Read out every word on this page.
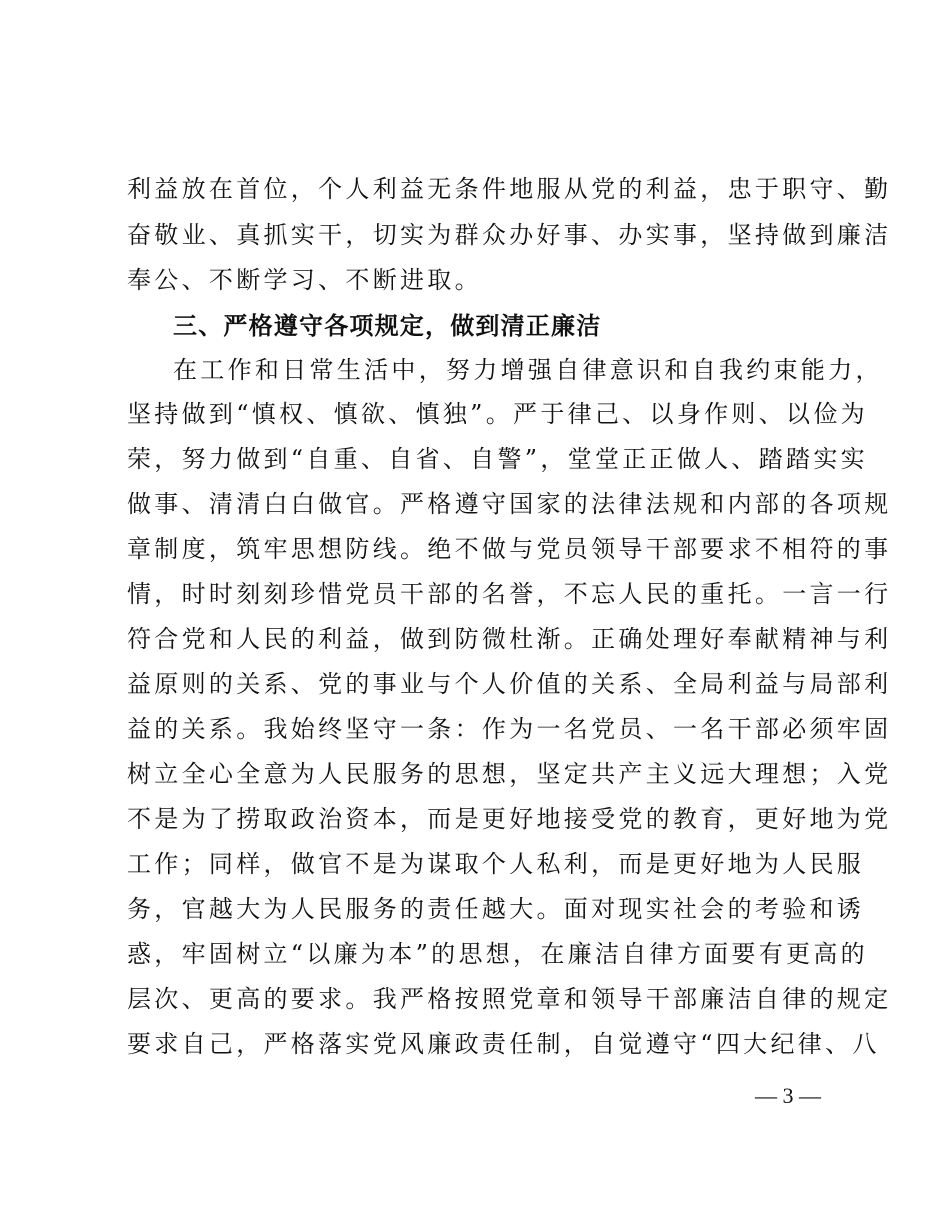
利益放在首位，个人利益无条件地服从党的利益，忠于职守、勤
奋敬业、真抓实干，切实为群众办好事、办实事，坚持做到廉洁
奉公、不断学习、不断进取。
三、严格遵守各项规定，做到清正廉洁
在工作和日常生活中，努力增强自律意识和自我约束能力，
坚持做到“慎权、慎欲、慎独”。严于律己、以身作则、以俭为
荣，努力做到“自重、自省、自警”，堂堂正正做人、踏踏实实
做事、清清白白做官。严格遵守国家的法律法规和内部的各项规
章制度，筑牢思想防线。绝不做与党员领导干部要求不相符的事
情，时时刻刻珍惜党员干部的名誉，不忘人民的重托。一言一行
符合党和人民的利益，做到防微杜渐。正确处理好奉献精神与利
益原则的关系、党的事业与个人价值的关系、全局利益与局部利
益的关系。我始终坚守一条：作为一名党员、一名干部必须牢固
树立全心全意为人民服务的思想，坚定共产主义远大理想；入党
不是为了捞取政治资本，而是更好地接受党的教育，更好地为党
工作；同样，做官不是为谋取个人私利，而是更好地为人民服
务，官越大为人民服务的责任越大。面对现实社会的考验和诱
惑，牢固树立“以廉为本”的思想，在廉洁自律方面要有更高的
层次、更高的要求。我严格按照党章和领导干部廉洁自律的规定
要求自己，严格落实党风廉政责任制，自觉遵守“四大纪律、八
— 3 —
